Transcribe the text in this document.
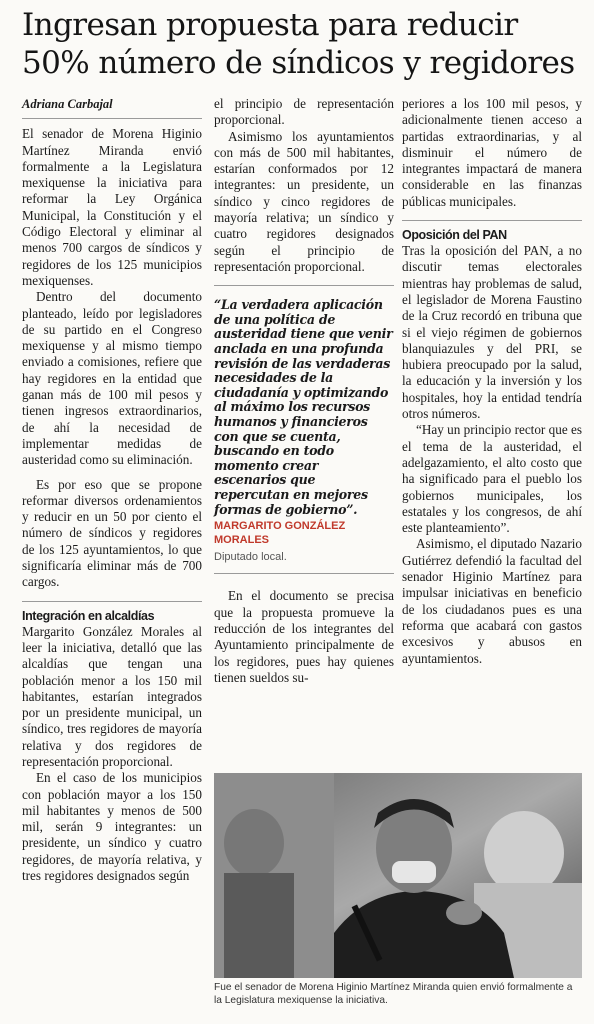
Ingresan propuesta para reducir
50% número de síndicos y regidores
Adriana Carbajal

El senador de Morena Higinio Martínez Miranda envió formalmente a la Legislatura mexiquense la iniciativa para reformar la Ley Orgánica Municipal, la Constitución y el Código Electoral y eliminar al menos 700 cargos de síndicos y regidores de los 125 municipios mexiquenses.

Dentro del documento planteado, leído por legisladores de su partido en el Congreso mexiquense y al mismo tiempo enviado a comisiones, refiere que hay regidores en la entidad que ganan más de 100 mil pesos y tienen ingresos extraordinarios, de ahí la necesidad de implementar medidas de austeridad como su eliminación.

Es por eso que se propone reformar diversos ordenamientos y reducir en un 50 por ciento el número de síndicos y regidores de los 125 ayuntamientos, lo que significaría eliminar más de 700 cargos.

Integración en alcaldías

Margarito González Morales al leer la iniciativa, detalló que las alcaldías que tengan una población menor a los 150 mil habitantes, estarían integrados por un presidente municipal, un síndico, tres regidores de mayoría relativa y dos regidores de representación proporcional.

En el caso de los municipios con población mayor a los 150 mil habitantes y menos de 500 mil, serán 9 integrantes: un presidente, un síndico y cuatro regidores, de mayoría relativa, y tres regidores designados según

el principio de representación proporcional.

Asimismo los ayuntamientos con más de 500 mil habitantes, estarían conformados por 12 integrantes: un presidente, un síndico y cinco regidores de mayoría relativa; un síndico y cuatro regidores designados según el principio de representación proporcional.

“La verdadera aplicación de una política de austeridad tiene que venir anclada en una profunda revisión de las verdaderas necesidades de la ciudadanía y optimizando al máximo los recursos humanos y financieros con que se cuenta, buscando en todo momento crear escenarios que repercutan en mejores formas de gobierno”.
MARGARITO GONZÁLEZ MORALES
Diputado local.

En el documento se precisa que la propuesta promueve la reducción de los integrantes del Ayuntamiento principalmente de los regidores, pues hay quienes tienen sueldos su-

periores a los 100 mil pesos, y adicionalmente tienen acceso a partidas extraordinarias, y al disminuir el número de integrantes impactará de manera considerable en las finanzas públicas municipales.

Oposición del PAN

Tras la oposición del PAN, a no discutir temas electorales mientras hay problemas de salud, el legislador de Morena Faustino de la Cruz recordó en tribuna que si el viejo régimen de gobiernos blanquiazules y del PRI, se hubiera preocupado por la salud, la educación y la inversión y los hospitales, hoy la entidad tendría otros números.

“Hay un principio rector que es el tema de la austeridad, el adelgazamiento, el alto costo que ha significado para el pueblo los gobiernos municipales, los estatales y los congresos, de ahí este planteamiento”.

Asimismo, el diputado Nazario Gutiérrez defendió la facultad del senador Higinio Martínez para impulsar iniciativas en beneficio de los ciudadanos pues es una reforma que acabará con gastos excesivos y abusos en ayuntamientos.

Fue el senador de Morena Higinio Martínez Miranda quien envió formalmente a la Legislatura mexiquense la iniciativa.
